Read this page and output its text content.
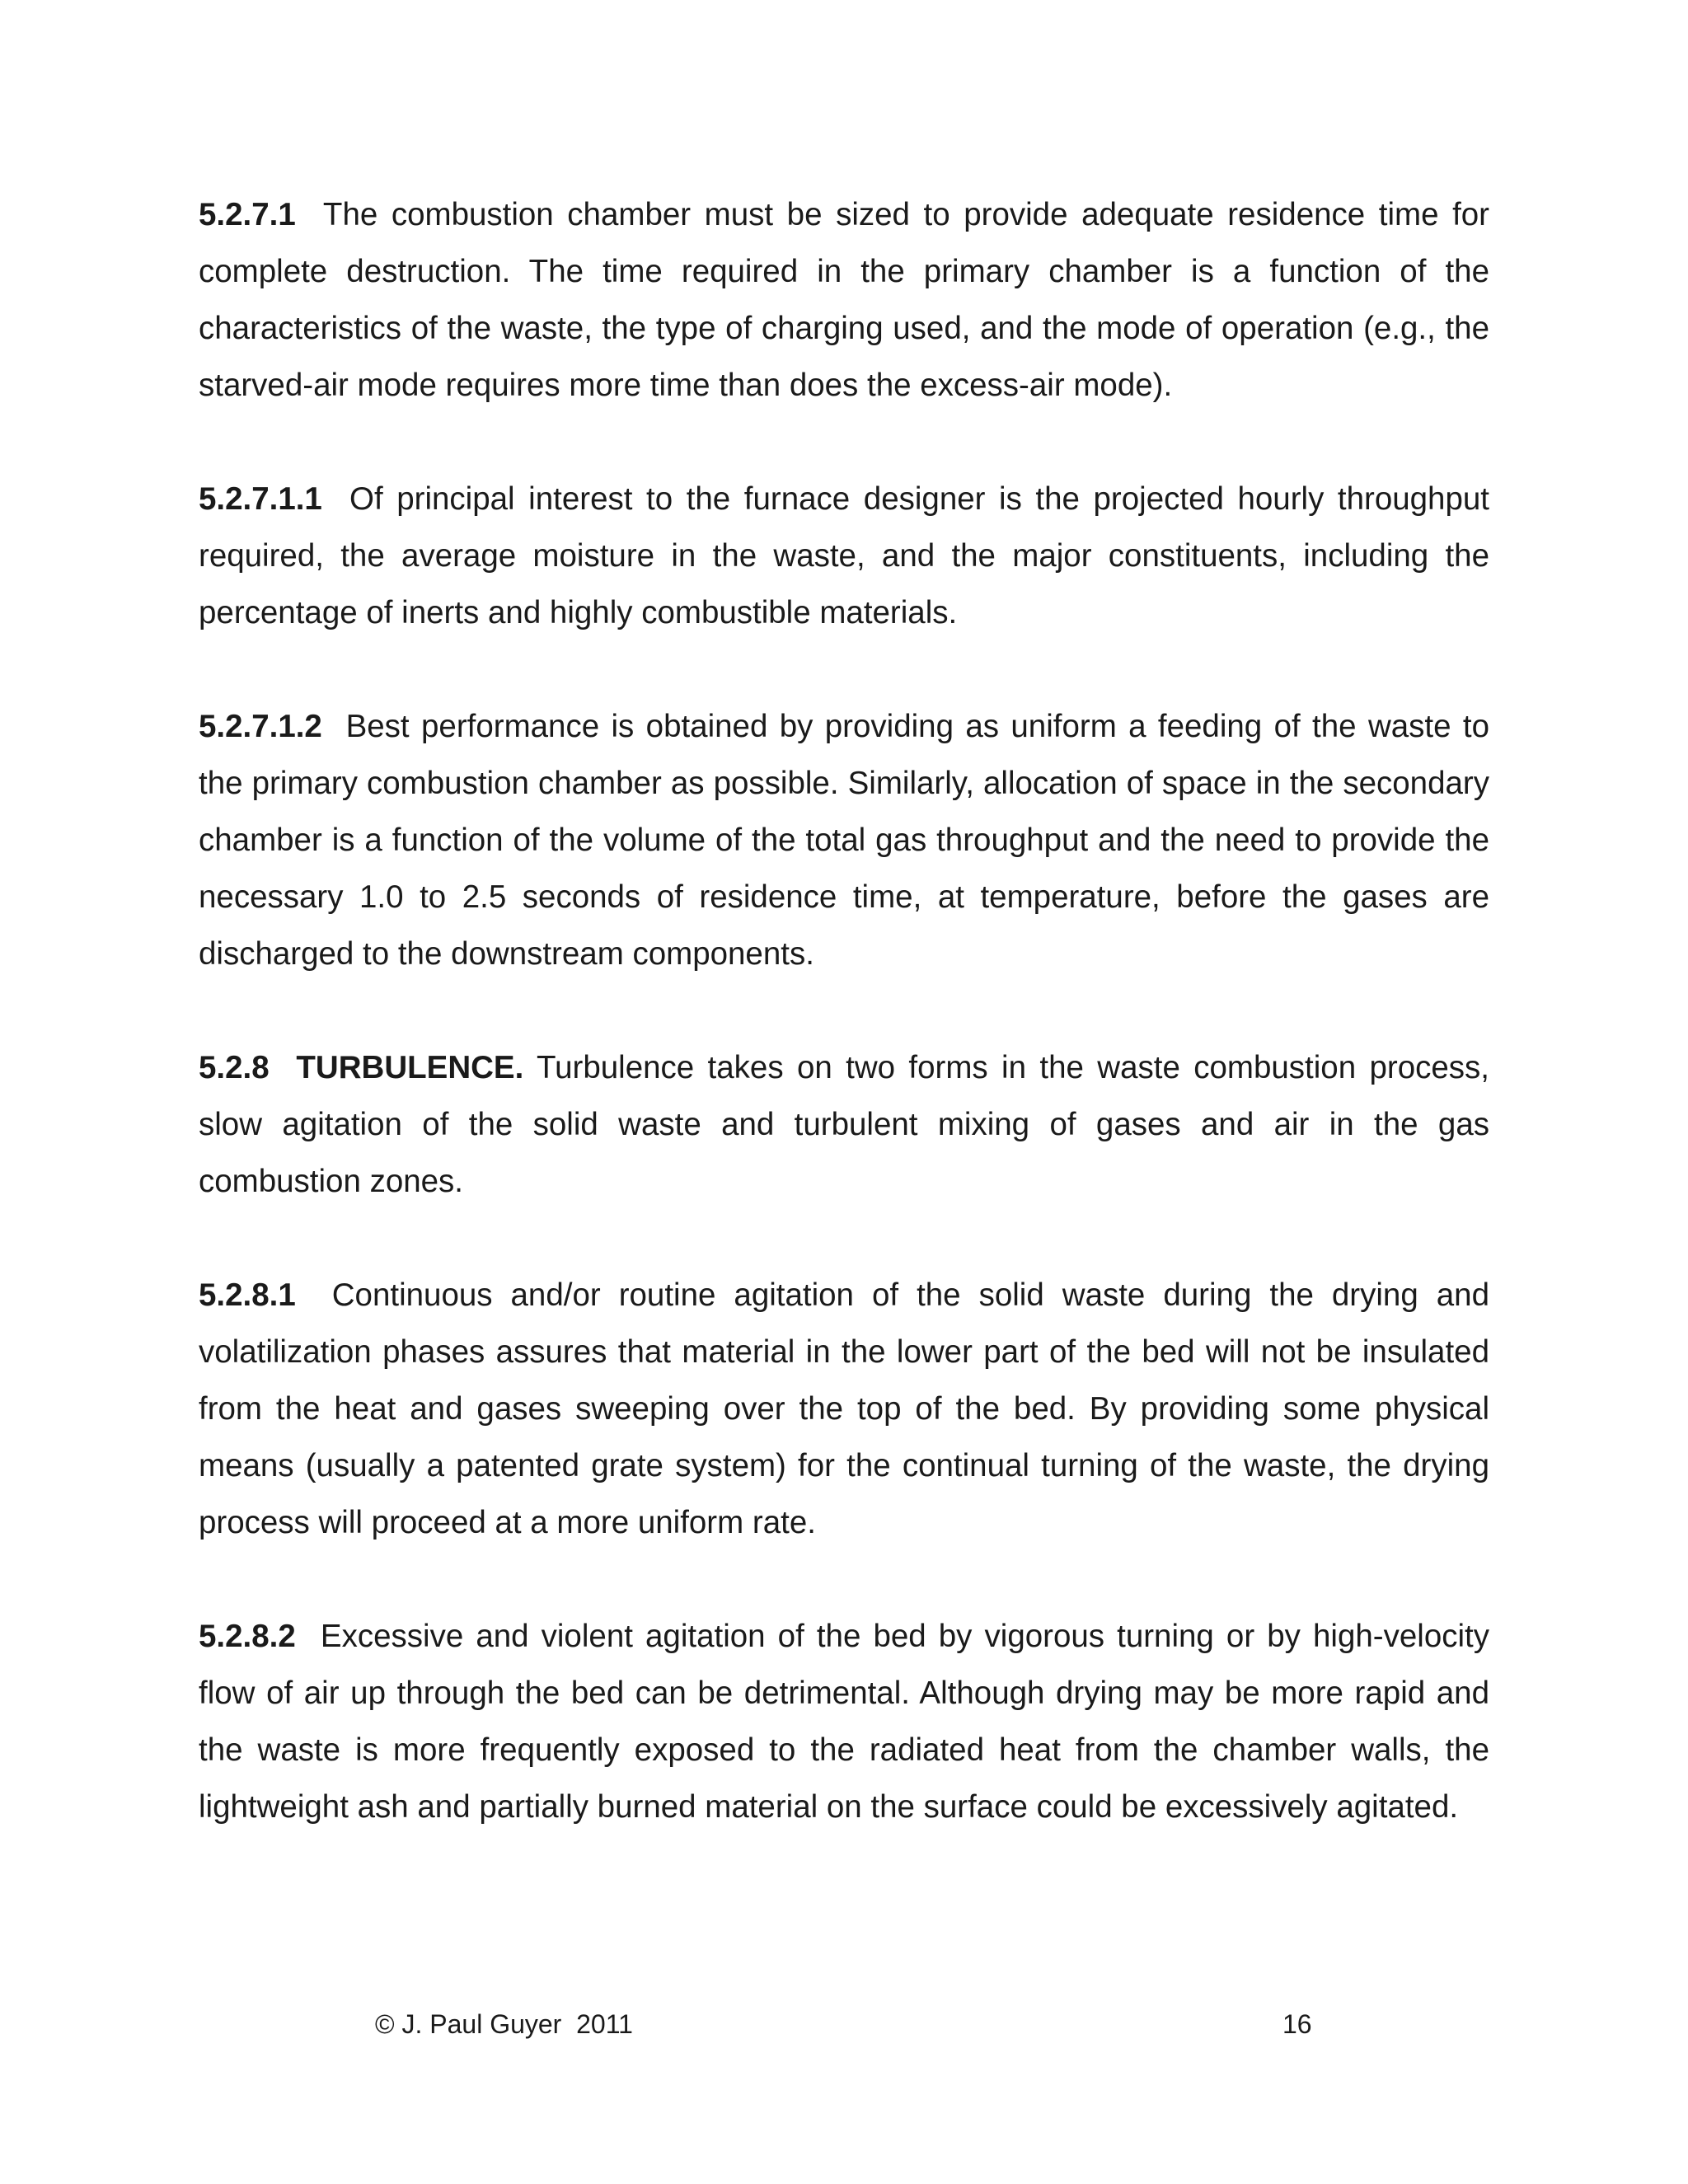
5.2.7.1 The combustion chamber must be sized to provide adequate residence time for complete destruction. The time required in the primary chamber is a function of the characteristics of the waste, the type of charging used, and the mode of operation (e.g., the starved-air mode requires more time than does the excess-air mode).

5.2.7.1.1 Of principal interest to the furnace designer is the projected hourly throughput required, the average moisture in the waste, and the major constituents, including the percentage of inerts and highly combustible materials.

5.2.7.1.2 Best performance is obtained by providing as uniform a feeding of the waste to the primary combustion chamber as possible. Similarly, allocation of space in the secondary chamber is a function of the volume of the total gas throughput and the need to provide the necessary 1.0 to 2.5 seconds of residence time, at temperature, before the gases are discharged to the downstream components.

5.2.8 TURBULENCE. Turbulence takes on two forms in the waste combustion process, slow agitation of the solid waste and turbulent mixing of gases and air in the gas combustion zones.

5.2.8.1 Continuous and/or routine agitation of the solid waste during the drying and volatilization phases assures that material in the lower part of the bed will not be insulated from the heat and gases sweeping over the top of the bed. By providing some physical means (usually a patented grate system) for the continual turning of the waste, the drying process will proceed at a more uniform rate.

5.2.8.2 Excessive and violent agitation of the bed by vigorous turning or by high-velocity flow of air up through the bed can be detrimental. Although drying may be more rapid and the waste is more frequently exposed to the radiated heat from the chamber walls, the lightweight ash and partially burned material on the surface could be excessively agitated.

© J. Paul Guyer  2011	16
